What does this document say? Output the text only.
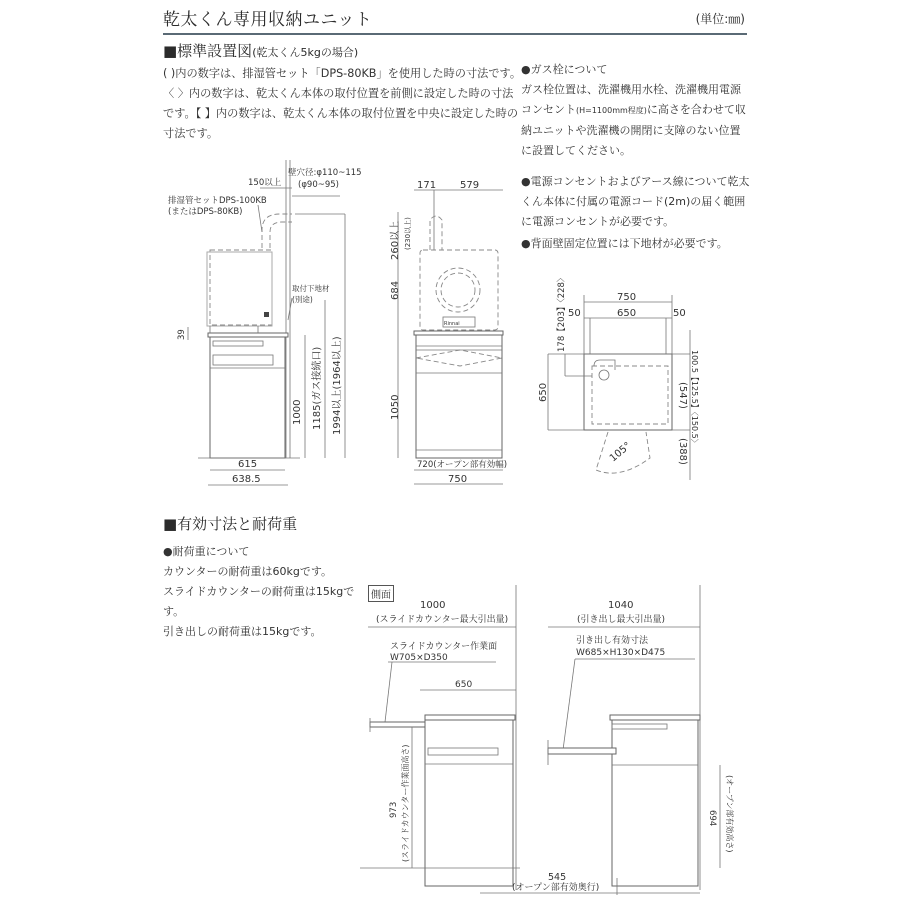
乾太くん専用収納ユニット	(単位:㎜)
■標準設置図(乾太くん5kgの場合)
( )内の数字は、排湿管セット「DPS-80KB」を使用した時の寸法です。
〈 〉内の数字は、乾太くん本体の取付位置を前側に設定した時の寸法
です。【 】内の数字は、乾太くん本体の取付位置を中央に設定した時の
寸法です。
●ガス栓について
ガス栓位置は、洗濯機用水栓、洗濯機用電源
コンセント(H=1100mm程度)に高さを合わせて収
納ユニットや洗濯機の開閉に支障のない位置
に設置してください。
●電源コンセントおよびアース線について乾太
くん本体に付属の電源コード(2m)の届く範囲
に電源コンセントが必要です。
●背面壁固定位置には下地材が必要です。
150以上
壁穴径:φ110~115
(φ90~95)
排湿管セットDPS-100KB
(またはDPS-80KB)
取付下地材
(別途)
39
1000 1185(ガス接続口) 1994以上(1964以上)
615
638.5
Rinnai
171 579
260以上 (230以上)
684
1050
720(オープン部有効幅)
750
750
50	650	50
178【203】〈228〉
100.5【125.5】〈150.5〉
650	(547)
(388)
105°
1000
(スライドカウンター最大引出量)
スライドカウンター作業面
W705×D350
650
973 (スライドカウンター作業面高さ)
1040
(引き出し最大引出量)
引き出し有効寸法
W685×H130×D475
694 (オープン部有効高さ)
545
(オープン部有効奥行)
■有効寸法と耐荷重
●耐荷重について
カウンターの耐荷重は60kgです。
スライドカウンターの耐荷重は15kgです。
引き出しの耐荷重は15kgです。
側面
